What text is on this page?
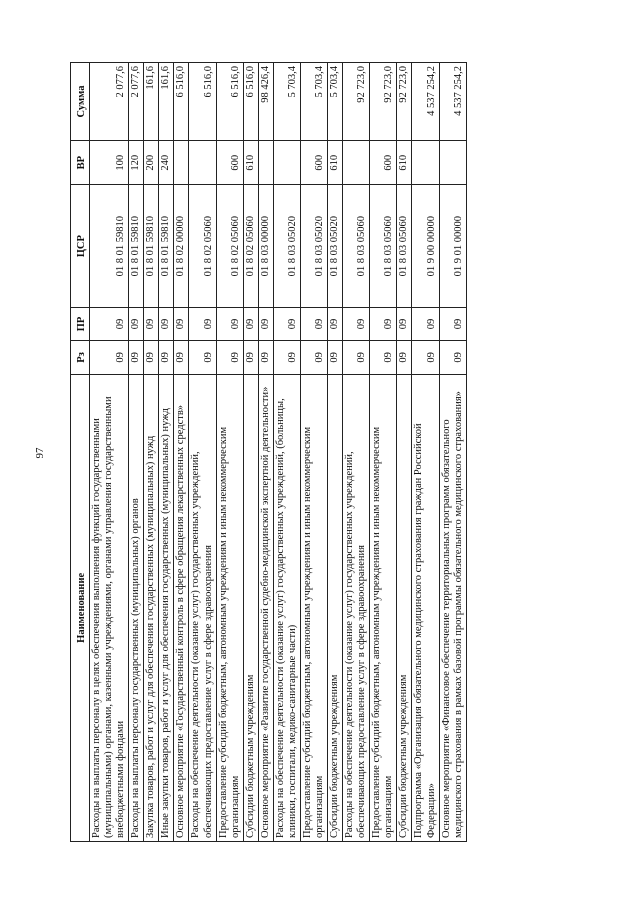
97
Наименование	Рз	ПР	ЦСР	ВР	Сумма
Расходы на выплаты персоналу в целях обеспечения выполнения функций государственными (муниципальными) органами, казенными учреждениями, органами управления государственными внебюджетными фондами	09	09	01 8 01 59810	100	2 077,6
Расходы на выплаты персоналу государственных (муниципальных) органов	09	09	01 8 01 59810	120	2 077,6
Закупка товаров, работ и услуг для обеспечения государственных (муниципальных) нужд	09	09	01 8 01 59810	200	161,6
Иные закупки товаров, работ и услуг для обеспечения государственных (муниципальных) нужд	09	09	01 8 01 59810	240	161,6
Основное мероприятие «Государственный контроль в сфере обращения лекарственных средств»	09	09	01 8 02 00000		6 516,0
Расходы на обеспечение деятельности (оказание услуг) государственных учреждений, обеспечивающих предоставление услуг в сфере здравоохранения	09	09	01 8 02 05060		6 516,0
Предоставление субсидий бюджетным, автономным учреждениям и иным некоммерческим организациям	09	09	01 8 02 05060	600	6 516,0
Субсидии бюджетным учреждениям	09	09	01 8 02 05060	610	6 516,0
Основное мероприятие «Развитие государственной судебно-медицинской экспертной деятельности»	09	09	01 8 03 00000		98 426,4
Расходы на обеспечение деятельности (оказание услуг) государственных учреждений, (больницы, клиники, госпитали, медико-санитарные части)	09	09	01 8 03 05020		5 703,4
Предоставление субсидий бюджетным, автономным учреждениям и иным некоммерческим организациям	09	09	01 8 03 05020	600	5 703,4
Субсидии бюджетным учреждениям	09	09	01 8 03 05020	610	5 703,4
Расходы на обеспечение деятельности (оказание услуг) государственных учреждений, обеспечивающих предоставление услуг в сфере здравоохранения	09	09	01 8 03 05060		92 723,0
Предоставление субсидий бюджетным, автономным учреждениям и иным некоммерческим организациям	09	09	01 8 03 05060	600	92 723,0
Субсидии бюджетным учреждениям	09	09	01 8 03 05060	610	92 723,0
Подпрограмма «Организация обязательного медицинского страхования граждан Российской Федерации»	09	09	01 9 00 00000		4 537 254,2
Основное мероприятие «Финансовое обеспечение территориальных программ обязательного медицинского страхования в рамках базовой программы обязательного медицинского страхования»	09	09	01 9 01 00000		4 537 254,2
